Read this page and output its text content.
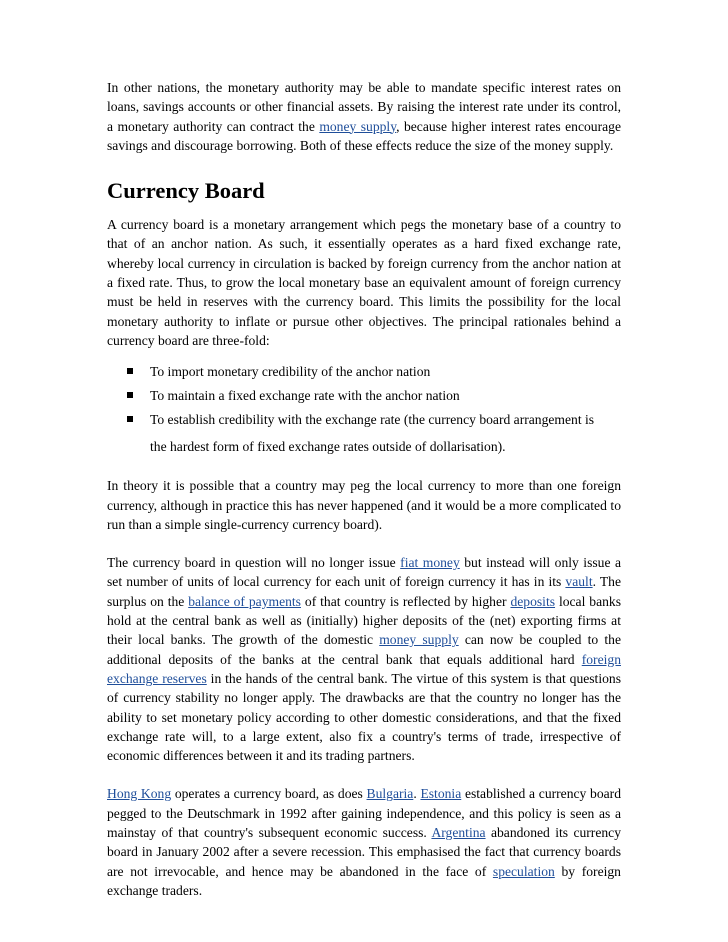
In other nations, the monetary authority may be able to mandate specific interest rates on loans, savings accounts or other financial assets. By raising the interest rate under its control, a monetary authority can contract the money supply, because higher interest rates encourage savings and discourage borrowing. Both of these effects reduce the size of the money supply.

Currency Board

A currency board is a monetary arrangement which pegs the monetary base of a country to that of an anchor nation. As such, it essentially operates as a hard fixed exchange rate, whereby local currency in circulation is backed by foreign currency from the anchor nation at a fixed rate. Thus, to grow the local monetary base an equivalent amount of foreign currency must be held in reserves with the currency board. This limits the possibility for the local monetary authority to inflate or pursue other objectives. The principal rationales behind a currency board are three-fold:

To import monetary credibility of the anchor nation
To maintain a fixed exchange rate with the anchor nation
To establish credibility with the exchange rate (the currency board arrangement is
the hardest form of fixed exchange rates outside of dollarisation).

In theory it is possible that a country may peg the local currency to more than one foreign currency, although in practice this has never happened (and it would be a more complicated to run than a simple single-currency currency board).

The currency board in question will no longer issue fiat money but instead will only issue a set number of units of local currency for each unit of foreign currency it has in its vault. The surplus on the balance of payments of that country is reflected by higher deposits local banks hold at the central bank as well as (initially) higher deposits of the (net) exporting firms at their local banks. The growth of the domestic money supply can now be coupled to the additional deposits of the banks at the central bank that equals additional hard foreign exchange reserves in the hands of the central bank. The virtue of this system is that questions of currency stability no longer apply. The drawbacks are that the country no longer has the ability to set monetary policy according to other domestic considerations, and that the fixed exchange rate will, to a large extent, also fix a country's terms of trade, irrespective of economic differences between it and its trading partners.

Hong Kong operates a currency board, as does Bulgaria. Estonia established a currency board pegged to the Deutschmark in 1992 after gaining independence, and this policy is seen as a mainstay of that country's subsequent economic success. Argentina abandoned its currency board in January 2002 after a severe recession. This emphasised the fact that currency boards are not irrevocable, and hence may be abandoned in the face of speculation by foreign exchange traders.
